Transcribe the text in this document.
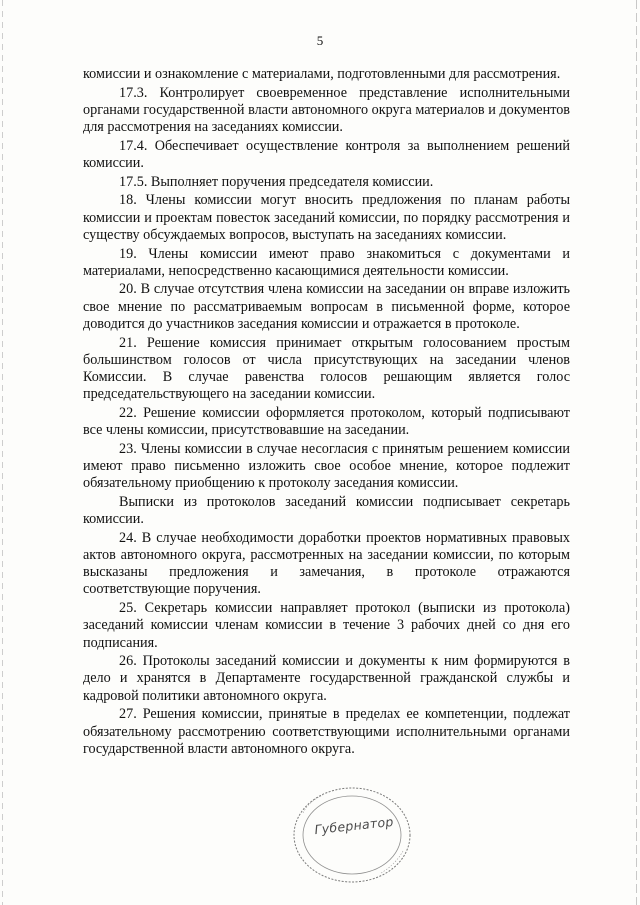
5

комиссии и ознакомление с материалами, подготовленными для рассмотрения.

17.3. Контролирует своевременное представление исполнительными органами государственной власти автономного округа материалов и документов для рассмотрения на заседаниях комиссии.

17.4. Обеспечивает осуществление контроля за выполнением решений комиссии.

17.5. Выполняет поручения председателя комиссии.

18. Члены комиссии могут вносить предложения по планам работы комиссии и проектам повесток заседаний комиссии, по порядку рассмотрения и существу обсуждаемых вопросов, выступать на заседаниях комиссии.

19. Члены комиссии имеют право знакомиться с документами и материалами, непосредственно касающимися деятельности комиссии.

20. В случае отсутствия члена комиссии на заседании он вправе изложить свое мнение по рассматриваемым вопросам в письменной форме, которое доводится до участников заседания комиссии и отражается в протоколе.

21. Решение комиссия принимает открытым голосованием простым большинством голосов от числа присутствующих на заседании членов Комиссии. В случае равенства голосов решающим является голос председательствующего на заседании комиссии.

22. Решение комиссии оформляется протоколом, который подписывают все члены комиссии, присутствовавшие на заседании.

23. Члены комиссии в случае несогласия с принятым решением комиссии имеют право письменно изложить свое особое мнение, которое подлежит обязательному приобщению к протоколу заседания комиссии.

Выписки из протоколов заседаний комиссии подписывает секретарь комиссии.

24. В случае необходимости доработки проектов нормативных правовых актов автономного округа, рассмотренных на заседании комиссии, по которым высказаны предложения и замечания, в протоколе отражаются соответствующие поручения.

25. Секретарь комиссии направляет протокол (выписки из протокола) заседаний комиссии членам комиссии в течение 3 рабочих дней со дня его подписания.

26. Протоколы заседаний комиссии и документы к ним формируются в дело и хранятся в Департаменте государственной гражданской службы и кадровой политики автономного округа.

27. Решения комиссии, принятые в пределах ее компетенции, подлежат обязательному рассмотрению соответствующими исполнительными органами государственной власти автономного округа.

Губернатор
